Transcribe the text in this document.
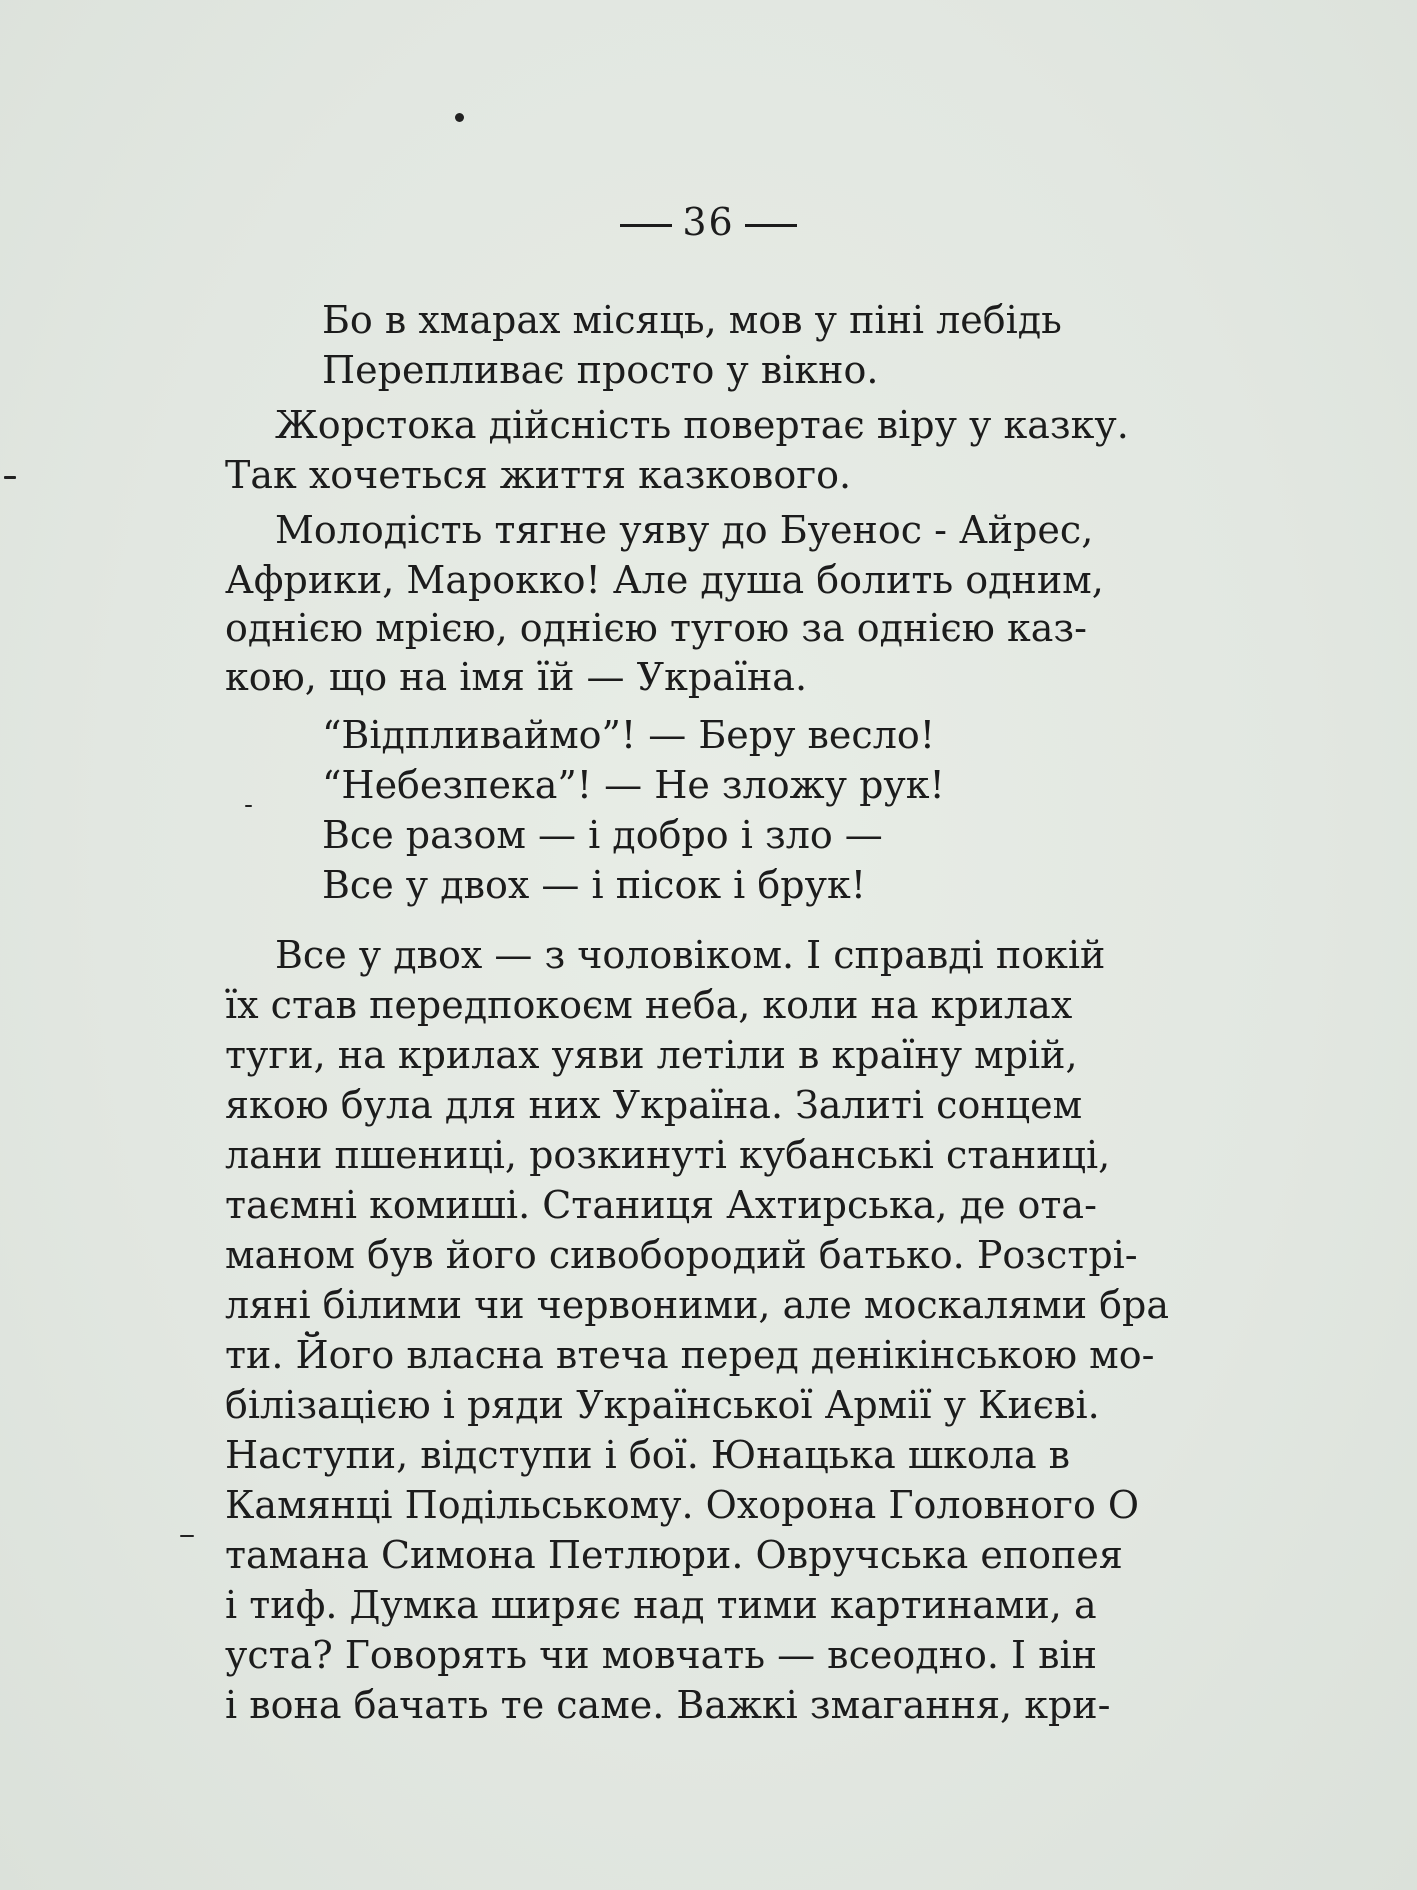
36
Бо в хмарах місяць, мов у піні лебідь
Перепливає просто у вікно.
Жорстока дійсність повертає віру у казку.
Так хочеться життя казкового.
Молодість тягне уяву до Буенос - Айрес,
Африки, Марокко! Але душа болить одним,
однією мрією, однією тугою за однією каз-
кою, що на імя їй — Україна.
“Відпливаймо”! — Беру весло!
“Небезпека”! — Не зложу рук!
Все разом — і добро і зло —
Все у двох — і пісок і брук!
Все у двох — з чоловіком. І справді покій
їх став передпокоєм неба, коли на крилах
туги, на крилах уяви летіли в країну мрій,
якою була для них Україна. Залиті сонцем
лани пшениці, розкинуті кубанські станиці,
таємні комиші. Станиця Ахтирська, де ота-
маном був його сивобородий батько. Розстрі-
ляні білими чи червоними, але москалями бра
ти. Його власна втеча перед денікінською мо-
білізацією і ряди Української Армії у Києві.
Наступи, відступи і бої. Юнацька школа в
Камянці Подільському. Охорона Головного О
тамана Симона Петлюри. Овручська епопея
і тиф. Думка ширяє над тими картинами, а
уста? Говорять чи мовчать — всеодно. І він
і вона бачать те саме. Важкі змагання, кри-
